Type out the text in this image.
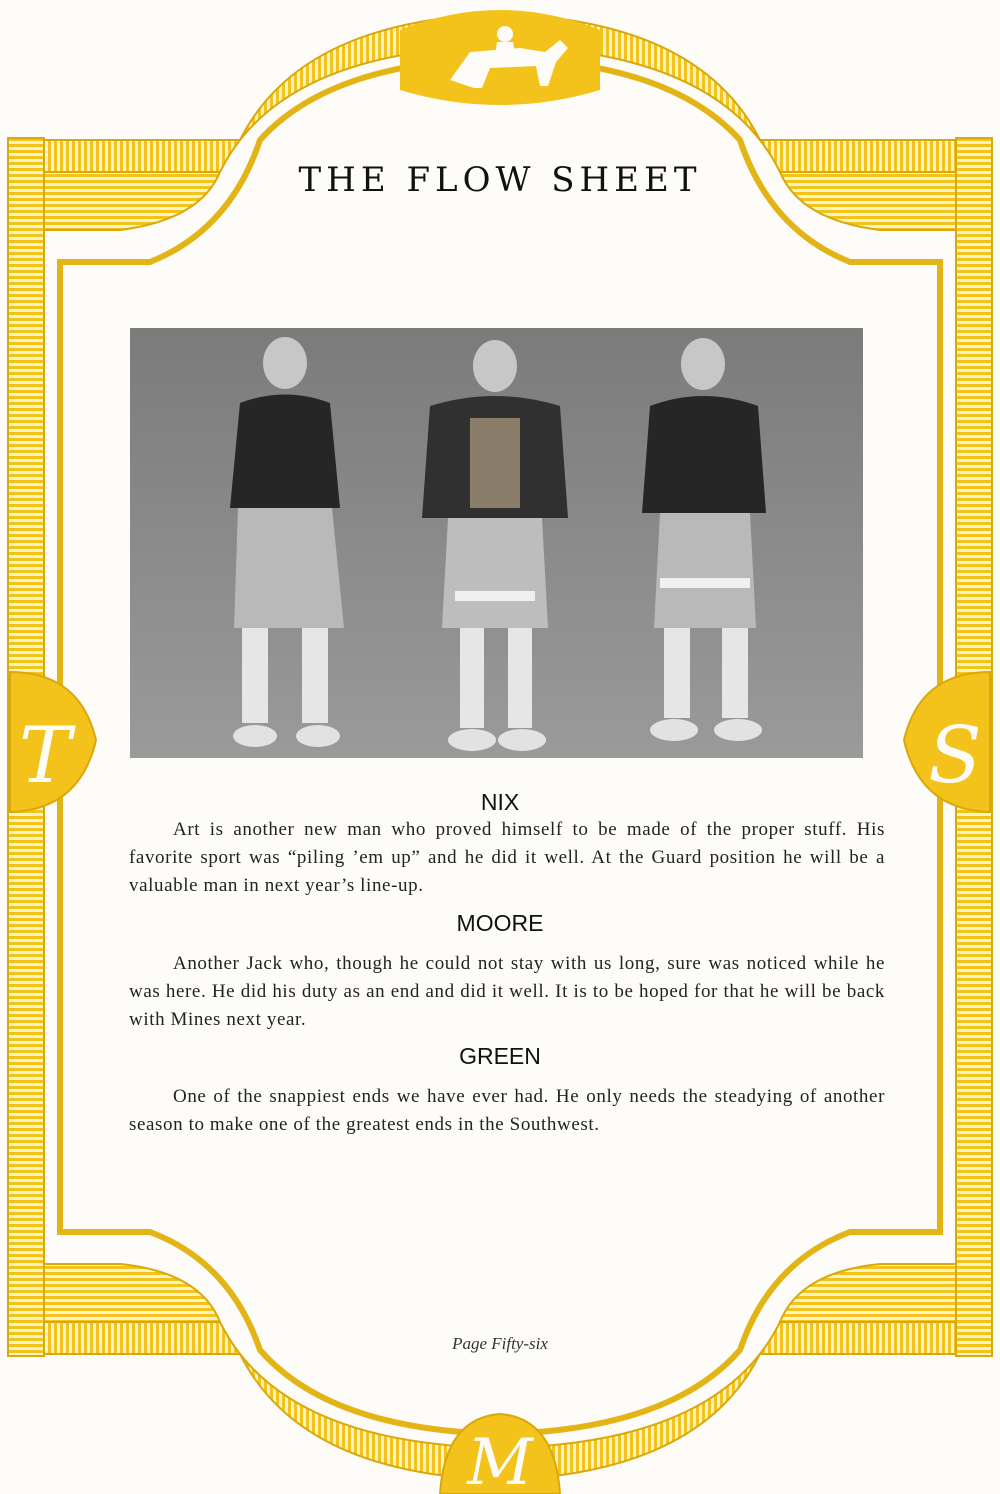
T	S
M
THE FLOW SHEET
NIX

Art is another new man who proved himself to be made of the proper stuff. His favorite sport was “piling ’em up” and he did it well. At the Guard position he will be a valuable man in next year’s line-up.

MOORE

Another Jack who, though he could not stay with us long, sure was noticed while he was here. He did his duty as an end and did it well. It is to be hoped for that he will be back with Mines next year.

GREEN

One of the snappiest ends we have ever had. He only needs the steadying of another season to make one of the greatest ends in the Southwest.

Page Fifty-six
